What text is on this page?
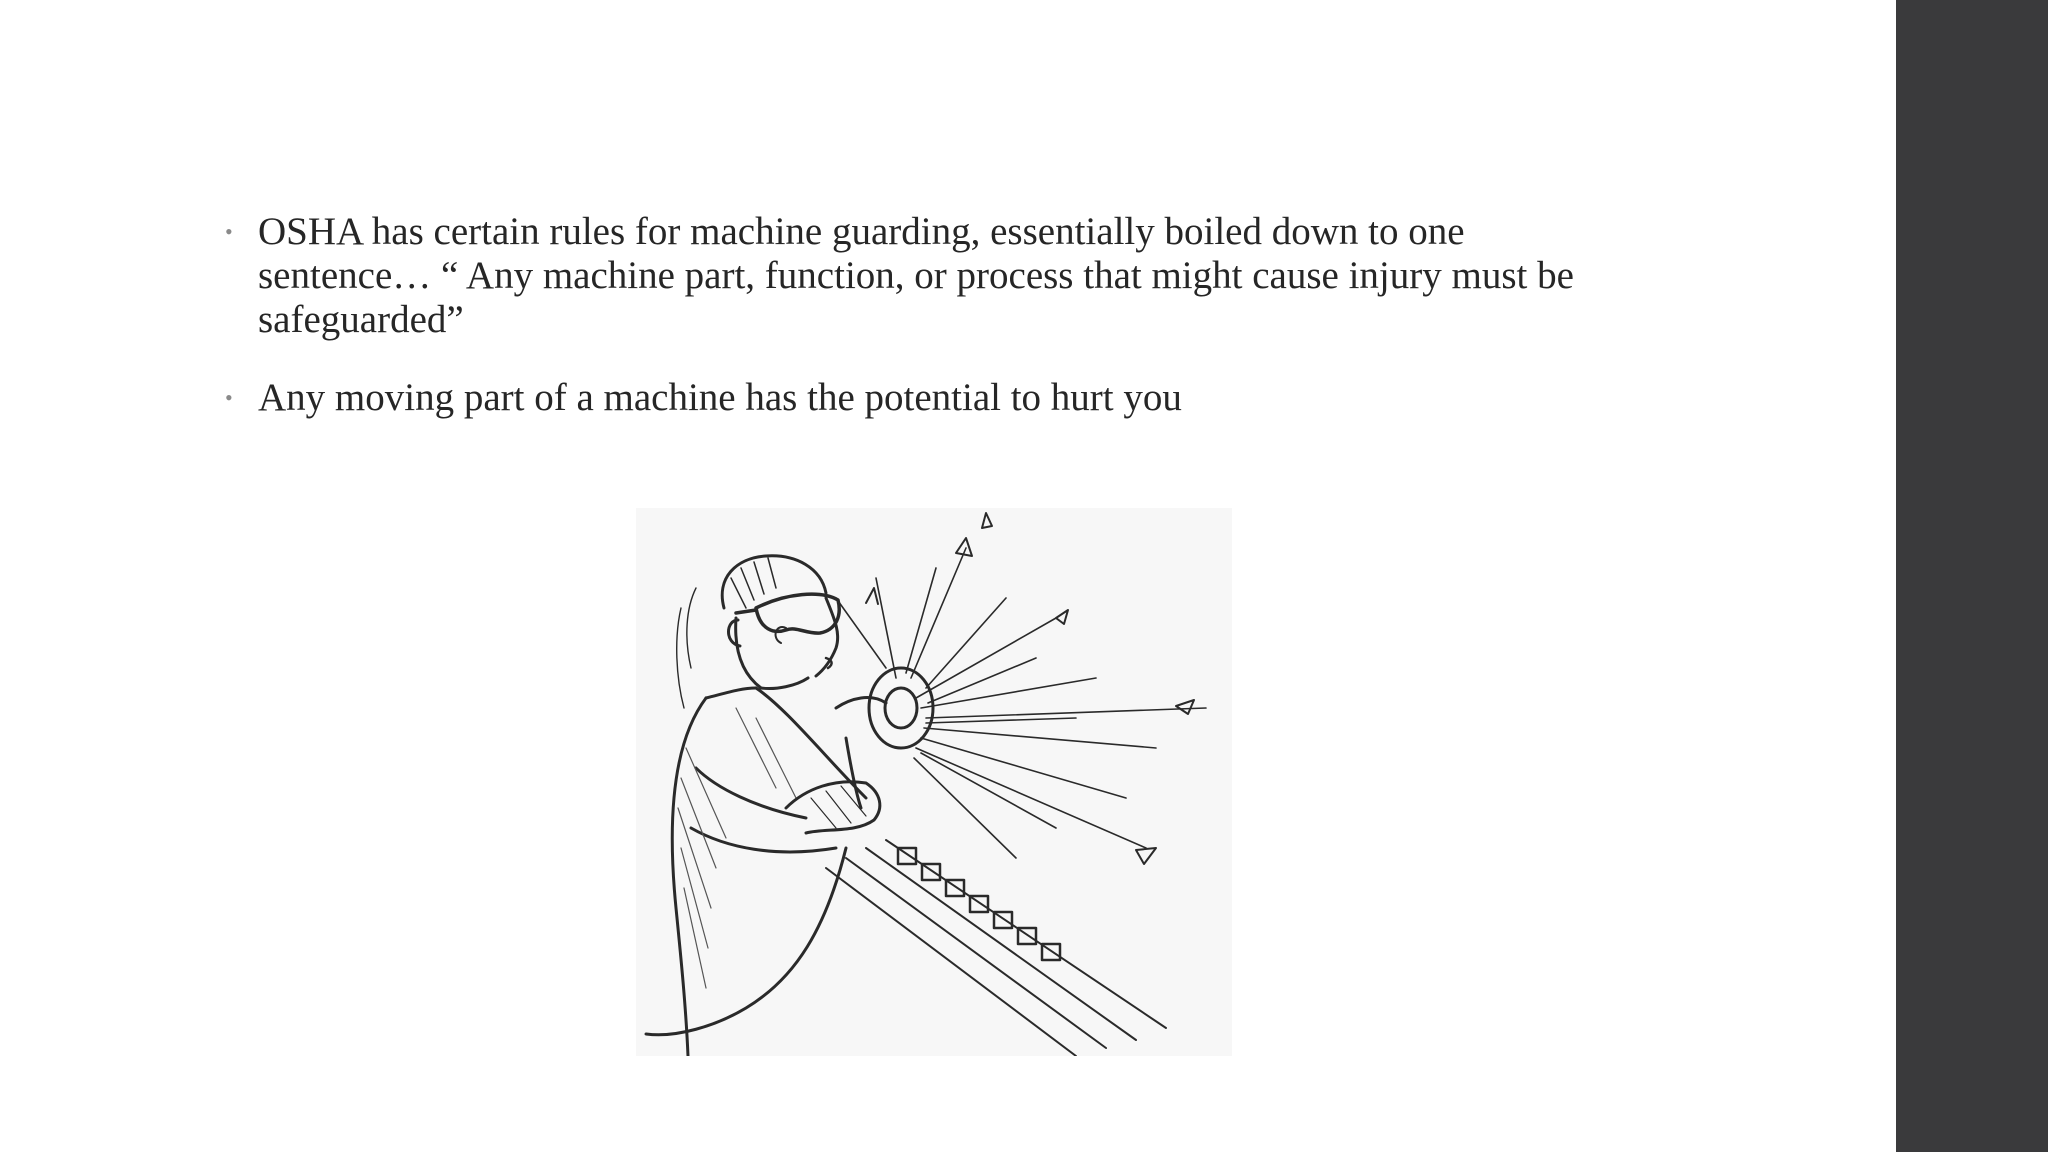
• OSHA has certain rules for machine guarding, essentially boiled down to one sentence… “ Any machine part, function, or process that might cause injury must be safeguarded”
• Any moving part of a machine has the potential to hurt you
